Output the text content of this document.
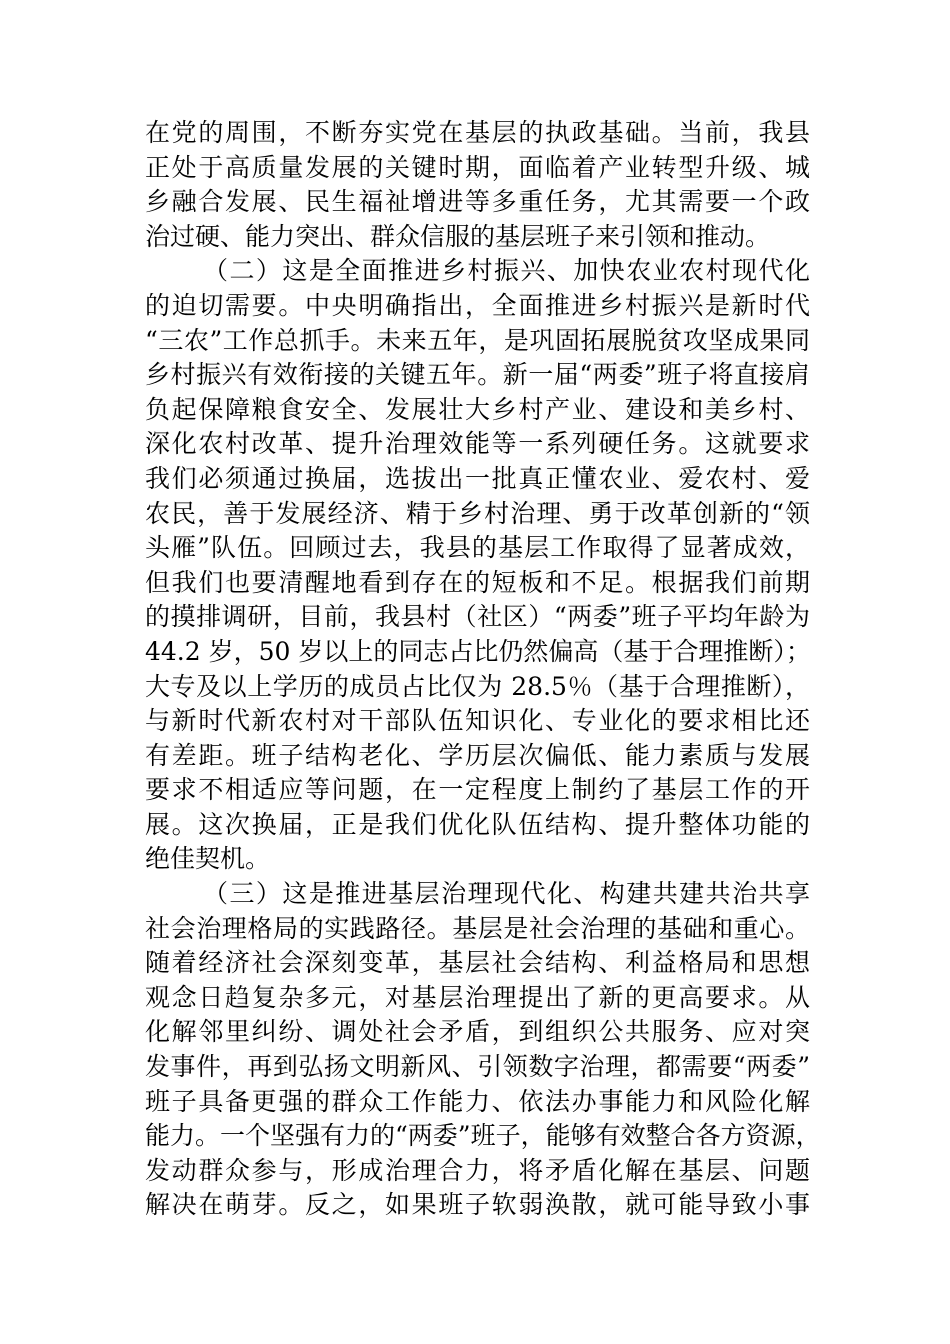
在党的周围，不断夯实党在基层的执政基础。当前，我县
正处于高质量发展的关键时期，面临着产业转型升级、城
乡融合发展、民生福祉增进等多重任务，尤其需要一个政
治过硬、能力突出、群众信服的基层班子来引领和推动。
（二）这是全面推进乡村振兴、加快农业农村现代化
的迫切需要。中央明确指出，全面推进乡村振兴是新时代
“三农”工作总抓手。未来五年，是巩固拓展脱贫攻坚成果同
乡村振兴有效衔接的关键五年。新一届“两委”班子将直接肩
负起保障粮食安全、发展壮大乡村产业、建设和美乡村、
深化农村改革、提升治理效能等一系列硬任务。这就要求
我们必须通过换届，选拔出一批真正懂农业、爱农村、爱
农民，善于发展经济、精于乡村治理、勇于改革创新的“领
头雁”队伍。回顾过去，我县的基层工作取得了显著成效，
但我们也要清醒地看到存在的短板和不足。根据我们前期
的摸排调研，目前，我县村（社区）“两委”班子平均年龄为
44.2 岁，50 岁以上的同志占比仍然偏高（基于合理推断）；
大专及以上学历的成员占比仅为 28.5％（基于合理推断），
与新时代新农村对干部队伍知识化、专业化的要求相比还
有差距。班子结构老化、学历层次偏低、能力素质与发展
要求不相适应等问题，在一定程度上制约了基层工作的开
展。这次换届，正是我们优化队伍结构、提升整体功能的
绝佳契机。
（三）这是推进基层治理现代化、构建共建共治共享
社会治理格局的实践路径。基层是社会治理的基础和重心。
随着经济社会深刻变革，基层社会结构、利益格局和思想
观念日趋复杂多元，对基层治理提出了新的更高要求。从
化解邻里纠纷、调处社会矛盾，到组织公共服务、应对突
发事件，再到弘扬文明新风、引领数字治理，都需要“两委”
班子具备更强的群众工作能力、依法办事能力和风险化解
能力。一个坚强有力的“两委”班子，能够有效整合各方资源，
发动群众参与，形成治理合力，将矛盾化解在基层、问题
解决在萌芽。反之，如果班子软弱涣散，就可能导致小事
